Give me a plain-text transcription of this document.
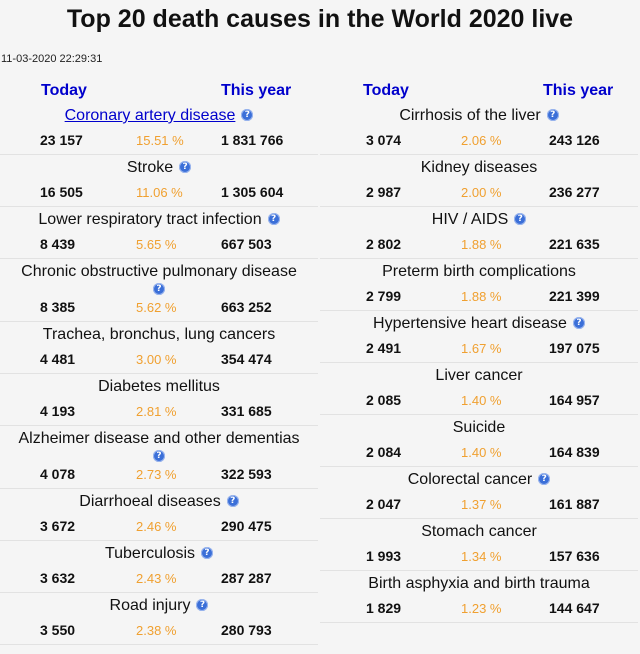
Top 20 death causes in the World 2020 live
11-03-2020 22:29:31
Today	This year
Coronary artery disease ?
23 157	15.51 %	1 831 766
Stroke ?
16 505	11.06 %	1 305 604
Lower respiratory tract infection ?
8 439	5.65 %	667 503
Chronic obstructive pulmonary disease
?
8 385	5.62 %	663 252
Trachea, bronchus, lung cancers
4 481	3.00 %	354 474
Diabetes mellitus
4 193	2.81 %	331 685
Alzheimer disease and other dementias
?
4 078	2.73 %	322 593
Diarrhoeal diseases ?
3 672	2.46 %	290 475
Tuberculosis ?
3 632	2.43 %	287 287
Road injury ?
3 550	2.38 %	280 793
Today	This year
Cirrhosis of the liver ?
3 074	2.06 %	243 126
Kidney diseases
2 987	2.00 %	236 277
HIV / AIDS ?
2 802	1.88 %	221 635
Preterm birth complications
2 799	1.88 %	221 399
Hypertensive heart disease ?
2 491	1.67 %	197 075
Liver cancer
2 085	1.40 %	164 957
Suicide
2 084	1.40 %	164 839
Colorectal cancer ?
2 047	1.37 %	161 887
Stomach cancer
1 993	1.34 %	157 636
Birth asphyxia and birth trauma
1 829	1.23 %	144 647
